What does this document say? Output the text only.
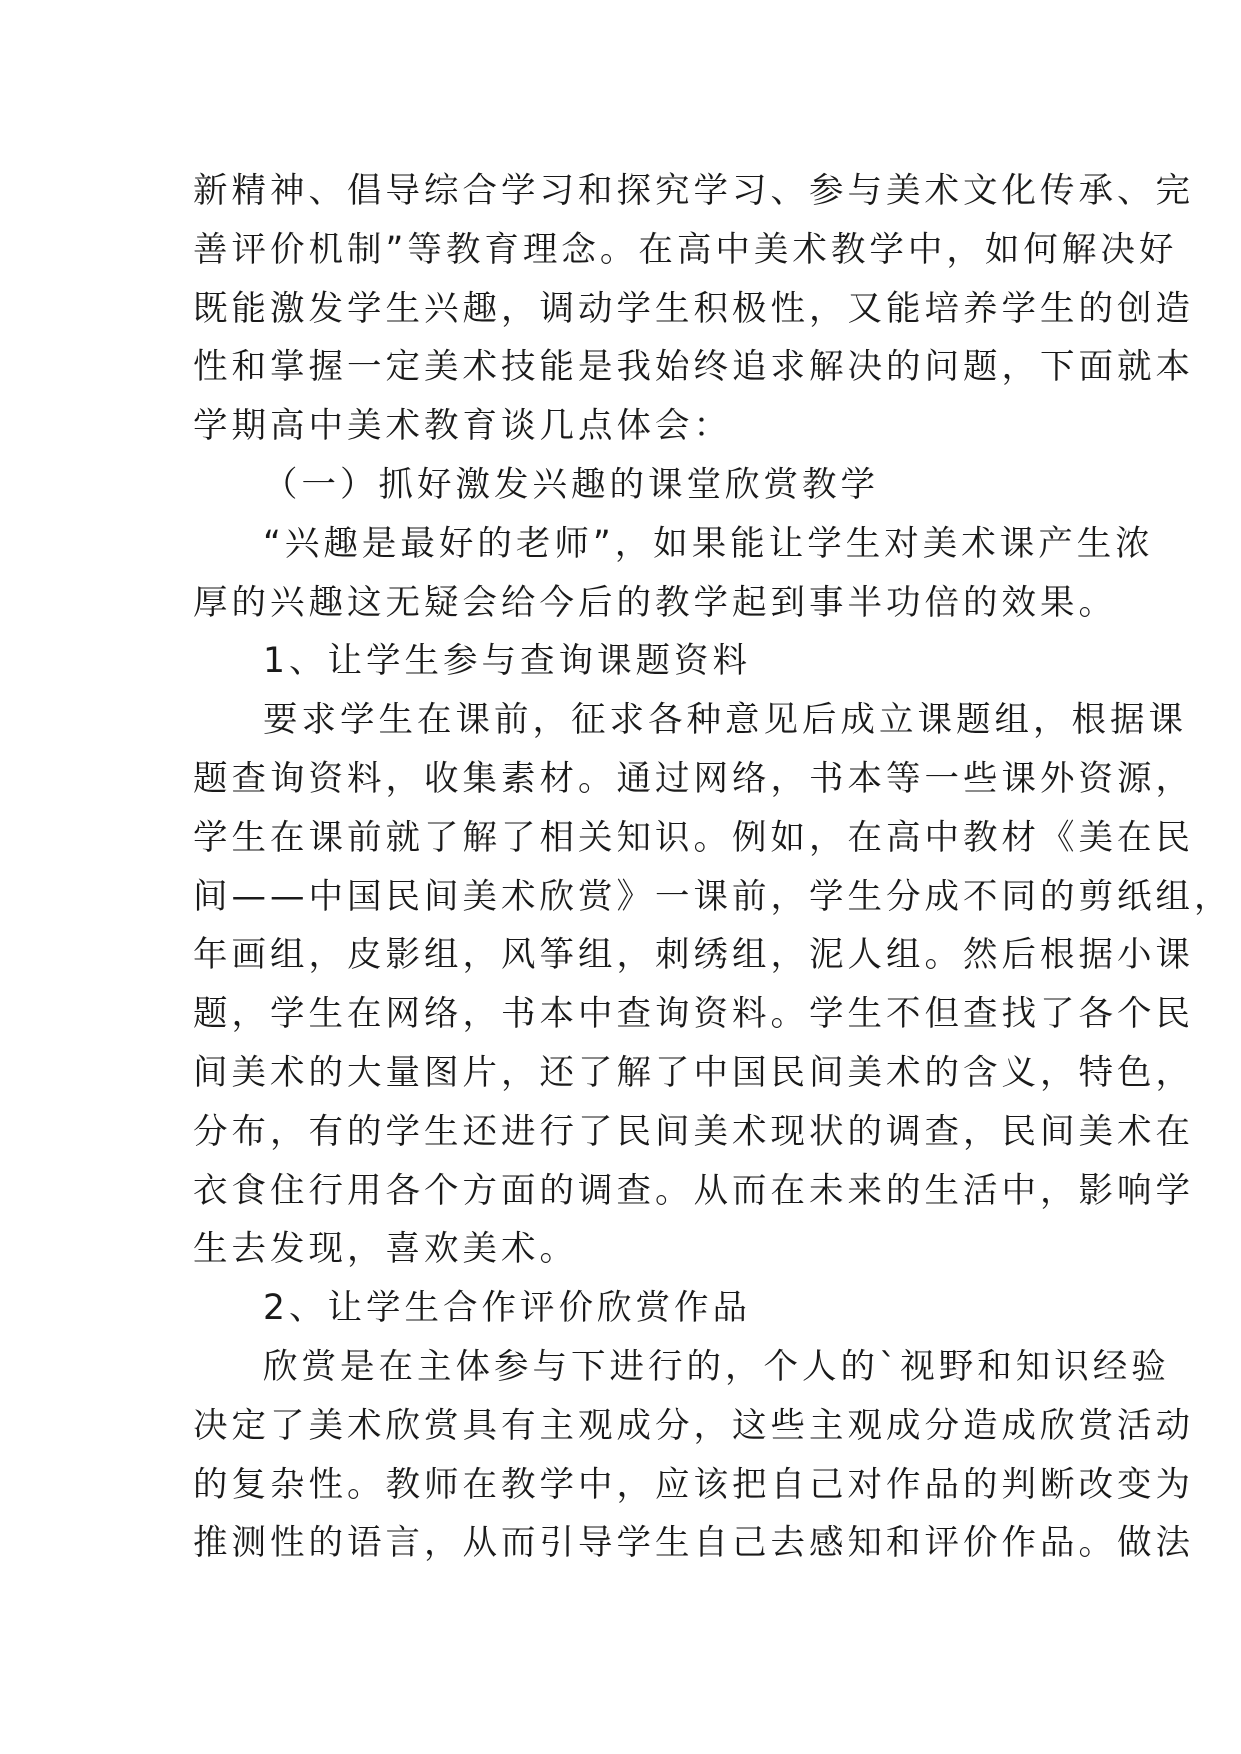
新精神、倡导综合学习和探究学习、参与美术文化传承、完
善评价机制”等教育理念。在高中美术教学中，如何解决好
既能激发学生兴趣，调动学生积极性，又能培养学生的创造
性和掌握一定美术技能是我始终追求解决的问题，下面就本
学期高中美术教育谈几点体会：
（一）抓好激发兴趣的课堂欣赏教学
“兴趣是最好的老师”，如果能让学生对美术课产生浓
厚的兴趣这无疑会给今后的教学起到事半功倍的效果。
1、让学生参与查询课题资料
要求学生在课前，征求各种意见后成立课题组，根据课
题查询资料，收集素材。通过网络，书本等一些课外资源，
学生在课前就了解了相关知识。例如，在高中教材《美在民
间——中国民间美术欣赏》一课前，学生分成不同的剪纸组，
年画组，皮影组，风筝组，刺绣组，泥人组。然后根据小课
题，学生在网络，书本中查询资料。学生不但查找了各个民
间美术的大量图片，还了解了中国民间美术的含义，特色，
分布，有的学生还进行了民间美术现状的调查，民间美术在
衣食住行用各个方面的调查。从而在未来的生活中，影响学
生去发现，喜欢美术。
2、让学生合作评价欣赏作品
欣赏是在主体参与下进行的，个人的`视野和知识经验
决定了美术欣赏具有主观成分，这些主观成分造成欣赏活动
的复杂性。教师在教学中，应该把自己对作品的判断改变为
推测性的语言，从而引导学生自己去感知和评价作品。做法
